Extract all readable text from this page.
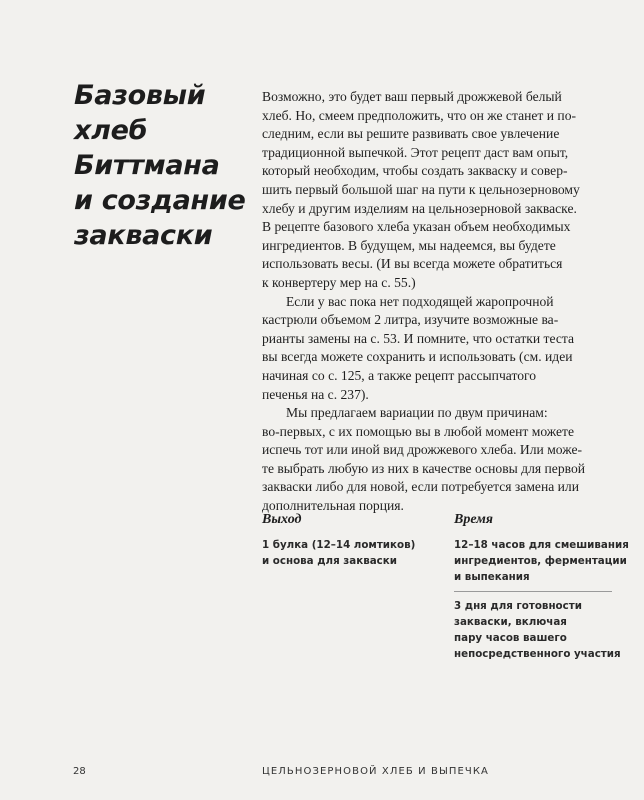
Базовый
хлеб
Биттмана
и создание
закваски
Возможно, это будет ваш первый дрожжевой белый
хлеб. Но, смеем предположить, что он же станет и по-
следним, если вы решите развивать свое увлечение
традиционной выпечкой. Этот рецепт даст вам опыт,
который необходим, чтобы создать закваску и совер-
шить первый большой шаг на пути к цельнозерновому
хлебу и другим изделиям на цельнозерновой закваске.
В рецепте базового хлеба указан объем необходимых
ингредиентов. В будущем, мы надеемся, вы будете
использовать весы. (И вы всегда можете обратиться
к конвертеру мер на с. 55.)
Если у вас пока нет подходящей жаропрочной
кастрюли объемом 2 литра, изучите возможные ва-
рианты замены на с. 53. И помните, что остатки теста
вы всегда можете сохранить и использовать (см. идеи
начиная со с. 125, а также рецепт рассыпчатого
печенья на с. 237).
Мы предлагаем вариации по двум причинам:
во-первых, с их помощью вы в любой момент можете
испечь тот или иной вид дрожжевого хлеба. Или може-
те выбрать любую из них в качестве основы для первой
закваски либо для новой, если потребуется замена или
дополнительная порция.
Выход

1 булка (12–14 ломтиков)
и основа для закваски

Время

12–18 часов для смешивания
ингредиентов, ферментации
и выпекания

3 дня для готовности
закваски, включая
пару часов вашего
непосредственного участия

28	ЦЕЛЬНОЗЕРНОВОЙ ХЛЕБ И ВЫПЕЧКА
